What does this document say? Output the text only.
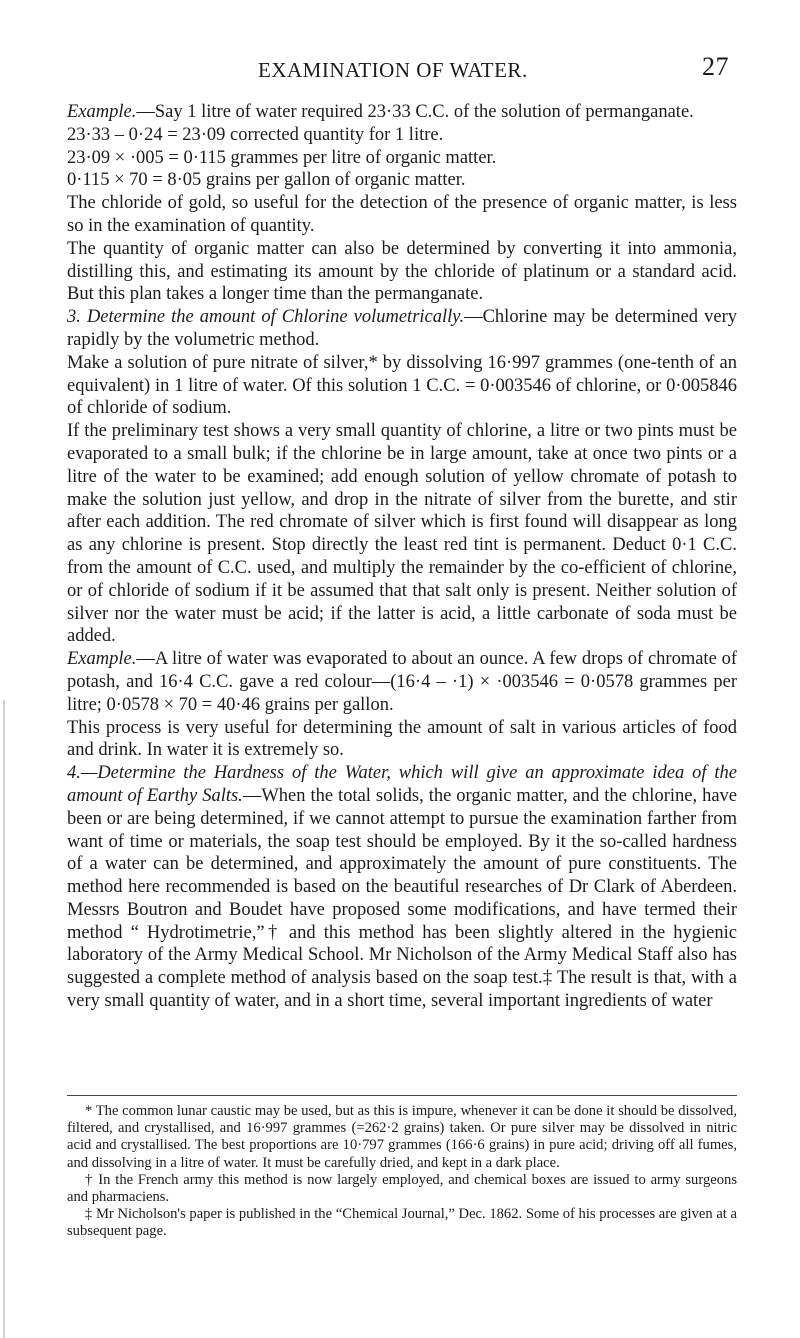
EXAMINATION OF WATER.	27

Example.—Say 1 litre of water required 23·33 C.C. of the solution of permanganate.

23·33 – 0·24 = 23·09 corrected quantity for 1 litre.

23·09 × ·005 = 0·115 grammes per litre of organic matter.

0·115 × 70 = 8·05 grains per gallon of organic matter.

The chloride of gold, so useful for the detection of the presence of organic matter, is less so in the examination of quantity.

The quantity of organic matter can also be determined by converting it into ammonia, distilling this, and estimating its amount by the chloride of platinum or a standard acid. But this plan takes a longer time than the permanganate.

3. Determine the amount of Chlorine volumetrically.—Chlorine may be determined very rapidly by the volumetric method.

Make a solution of pure nitrate of silver,* by dissolving 16·997 grammes (one-tenth of an equivalent) in 1 litre of water. Of this solution 1 C.C. = 0·003546 of chlorine, or 0·005846 of chloride of sodium.

If the preliminary test shows a very small quantity of chlorine, a litre or two pints must be evaporated to a small bulk; if the chlorine be in large amount, take at once two pints or a litre of the water to be examined; add enough solution of yellow chromate of potash to make the solution just yellow, and drop in the nitrate of silver from the burette, and stir after each addition. The red chromate of silver which is first found will disappear as long as any chlorine is present. Stop directly the least red tint is permanent. Deduct 0·1 C.C. from the amount of C.C. used, and multiply the remainder by the co-efficient of chlorine, or of chloride of sodium if it be assumed that that salt only is present. Neither solution of silver nor the water must be acid; if the latter is acid, a little carbonate of soda must be added.

Example.—A litre of water was evaporated to about an ounce. A few drops of chromate of potash, and 16·4 C.C. gave a red colour—(16·4 – ·1) × ·003546 = 0·0578 grammes per litre; 0·0578 × 70 = 40·46 grains per gallon.

This process is very useful for determining the amount of salt in various articles of food and drink. In water it is extremely so.

4.—Determine the Hardness of the Water, which will give an approximate idea of the amount of Earthy Salts.—When the total solids, the organic matter, and the chlorine, have been or are being determined, if we cannot attempt to pursue the examination farther from want of time or materials, the soap test should be employed. By it the so-called hardness of a water can be determined, and approximately the amount of pure constituents. The method here recommended is based on the beautiful researches of Dr Clark of Aberdeen. Messrs Boutron and Boudet have proposed some modifications, and have termed their method “ Hydrotimetrie,”† and this method has been slightly altered in the hygienic laboratory of the Army Medical School. Mr Nicholson of the Army Medical Staff also has suggested a complete method of analysis based on the soap test.‡ The result is that, with a very small quantity of water, and in a short time, several important ingredients of water

* The common lunar caustic may be used, but as this is impure, whenever it can be done it should be dissolved, filtered, and crystallised, and 16·997 grammes (=262·2 grains) taken. Or pure silver may be dissolved in nitric acid and crystallised. The best proportions are 10·797 grammes (166·6 grains) in pure acid; driving off all fumes, and dissolving in a litre of water. It must be carefully dried, and kept in a dark place.

† In the French army this method is now largely employed, and chemical boxes are issued to army surgeons and pharmaciens.

‡ Mr Nicholson's paper is published in the “Chemical Journal,” Dec. 1862. Some of his processes are given at a subsequent page.
